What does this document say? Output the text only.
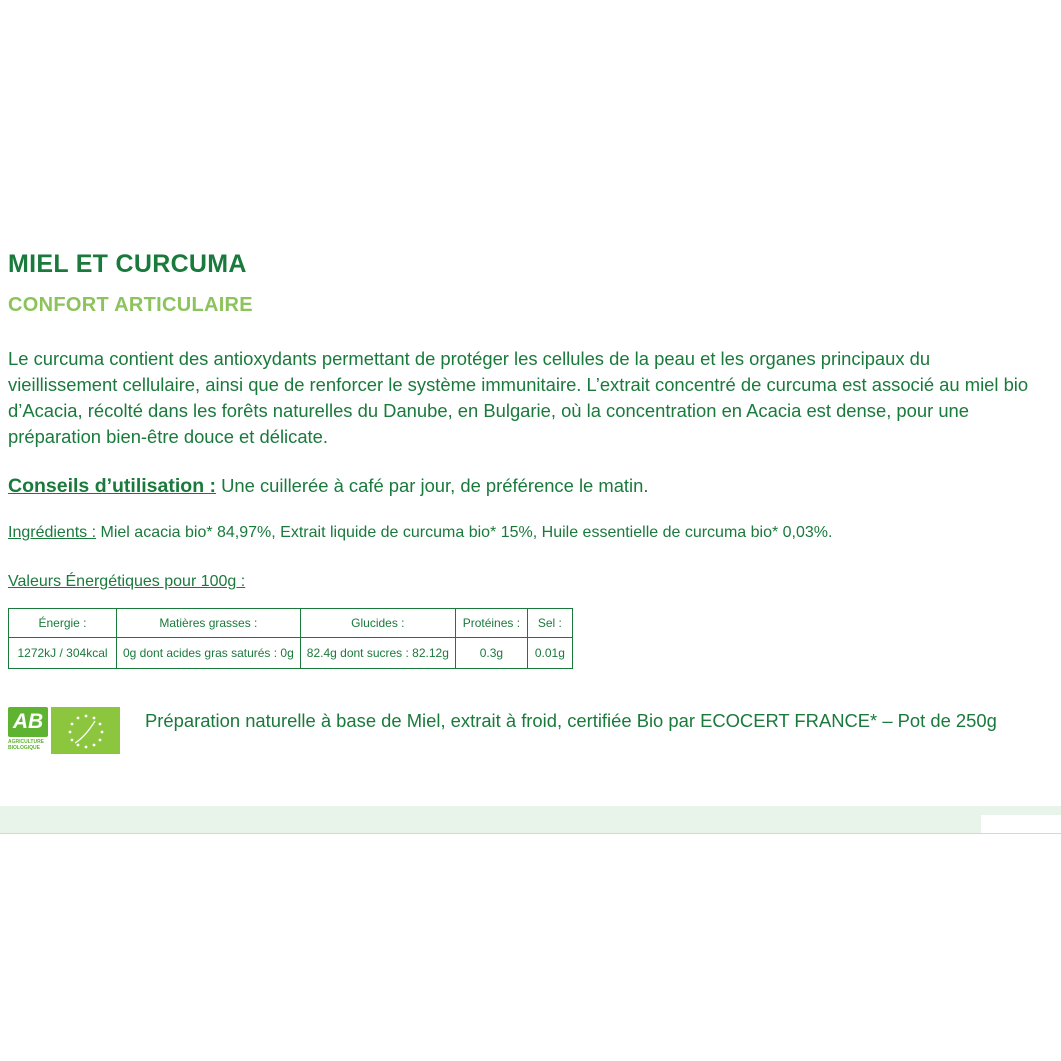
MIEL ET CURCUMA
CONFORT ARTICULAIRE

Le curcuma contient des antioxydants permettant de protéger les cellules de la peau et les organes principaux du vieillissement cellulaire, ainsi que de renforcer le système immunitaire. L’extrait concentré de curcuma est associé au miel bio d’Acacia, récolté dans les forêts naturelles du Danube, en Bulgarie, où la concentration en Acacia est dense, pour une préparation bien-être douce et délicate.

Conseils d’utilisation : Une cuillerée à café par jour, de préférence le matin.

Ingrédients : Miel acacia bio* 84,97%, Extrait liquide de curcuma bio* 15%, Huile essentielle de curcuma bio* 0,03%.

Valeurs Énergétiques pour 100g :

Énergie :	Matières grasses :	Glucides :	Protéines :	Sel :
1272kJ / 304kcal	0g dont acides gras saturés : 0g	82.4g dont sucres : 82.12g	0.3g	0.01g
AB
AGRICULTURE BIOLOGIQUE

Préparation naturelle à base de Miel, extrait à froid, certifiée Bio par ECOCERT FRANCE* – Pot de 250g
